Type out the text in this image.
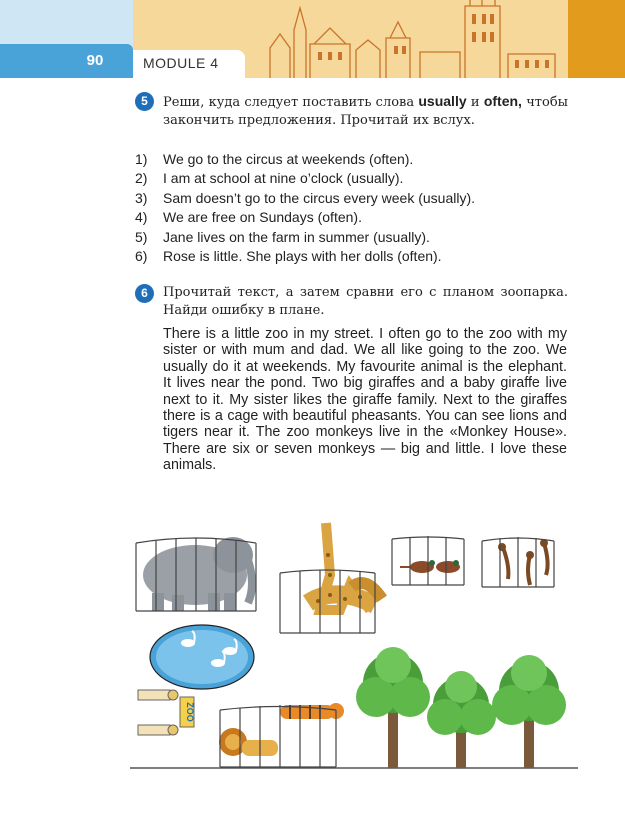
90	MODULE 4
5	Реши, куда следует поставить слова usually и often, чтобы закончить предложения. Прочитай их вслух.
1)	We go to the circus at weekends (often).
2)	I am at school at nine o’clock (usually).
3)	Sam doesn’t go to the circus every week (usually).
4)	We are free on Sundays (often).
5)	Jane lives on the farm in summer (usually).
6)	Rose is little. She plays with her dolls (often).
6	Прочитай текст, а затем сравни его с планом зоопарка. Найди ошибку в плане.
There is a little zoo in my street. I often go to the zoo with my sister or with mum and dad. We all like going to the zoo. We usually do it at weekends. My favourite animal is the elephant. It lives near the pond. Two big giraffes and a baby giraffe live next to it. My sister likes the giraffe family. Next to the giraffes there is a cage with beautiful pheasants. You can see lions and tigers near it. The zoo monkeys live in the «Monkey House». There are six or seven monkeys — big and little. I love these animals.
ZOO
